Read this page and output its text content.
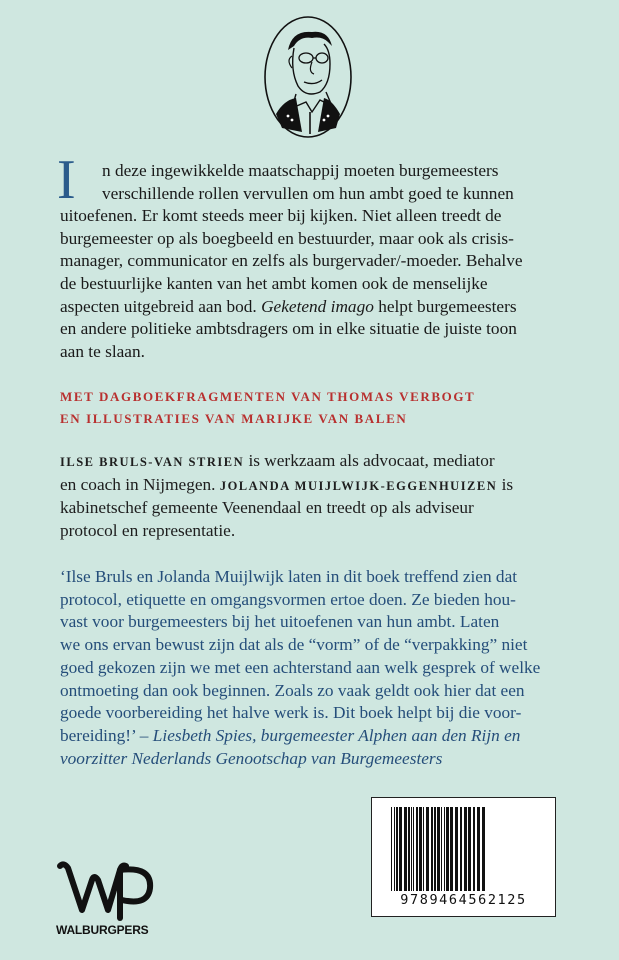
I	n deze ingewikkelde maatschappij moeten burgemeesters
verschillende rollen vervullen om hun ambt goed te kunnen
uitoefenen. Er komt steeds meer bij kijken. Niet alleen treedt de
burgemeester op als boegbeeld en bestuurder, maar ook als crisis-
manager, communicator en zelfs als burgervader/-moeder. Behalve
de bestuurlijke kanten van het ambt komen ook de menselijke
aspecten uitgebreid aan bod. Geketend imago helpt burgemeesters
en andere politieke ambtsdragers om in elke situatie de juiste toon
aan te slaan.
MET DAGBOEKFRAGMENTEN VAN THOMAS VERBOGT
EN ILLUSTRATIES VAN MARIJKE VAN BALEN
ILSE BRULS-VAN STRIEN is werkzaam als advocaat, mediator
en coach in Nijmegen. JOLANDA MUIJLWIJK-EGGENHUIZEN is
kabinetschef gemeente Veenendaal en treedt op als adviseur
protocol en representatie.
‘Ilse Bruls en Jolanda Muijlwijk laten in dit boek treffend zien dat
protocol, etiquette en omgangsvormen ertoe doen. Ze bieden hou-
vast voor burgemeesters bij het uitoefenen van hun ambt. Laten
we ons ervan bewust zijn dat als de “vorm” of de “verpakking” niet
goed gekozen zijn we met een achterstand aan welk gesprek of welke
ontmoeting dan ook beginnen. Zoals zo vaak geldt ook hier dat een
goede voorbereiding het halve werk is. Dit boek helpt bij die voor-
bereiding!’ – Liesbeth Spies, burgemeester Alphen aan den Rijn en
voorzitter Nederlands Genootschap van Burgemeesters
9789464562125
WALBURGPERS
